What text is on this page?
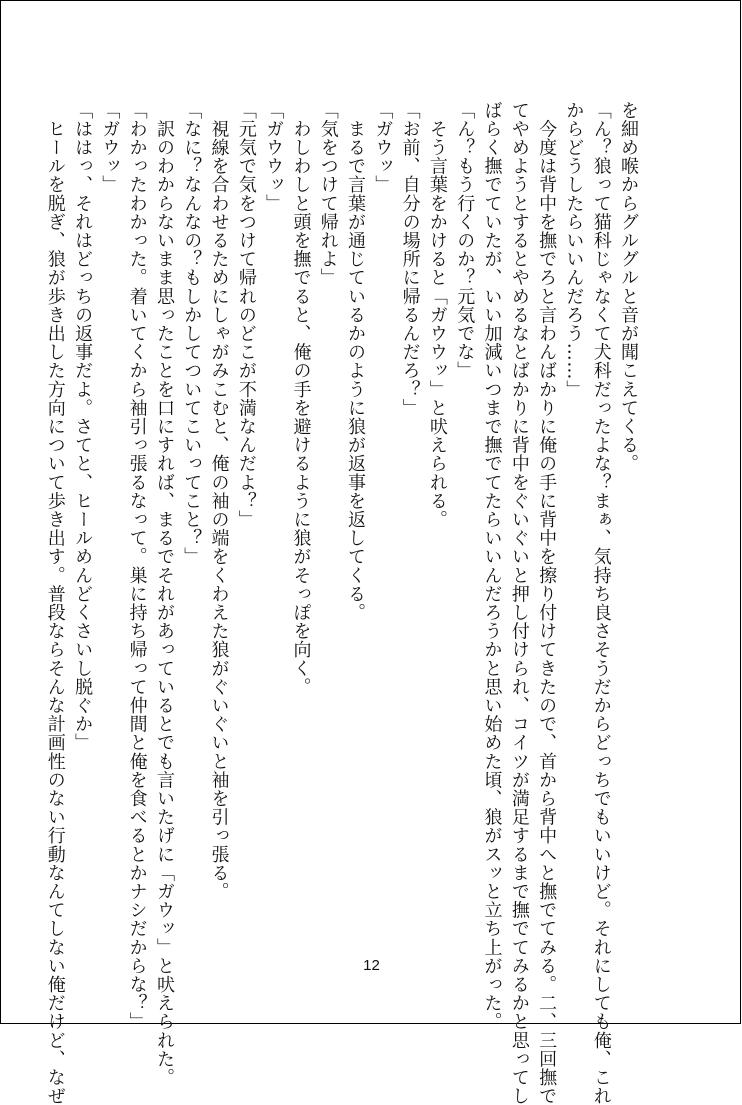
を細め喉からグルグルと音が聞こえてくる。

「ん？狼って猫科じゃなくて犬科だったよな？まぁ、気持ち良さそうだからどっちでもいいけど。それにしても俺、これ

からどうしたらいいんだろう……」

　今度は背中を撫でろと言わんばかりに俺の手に背中を擦り付けてきたので、首から背中へと撫でてみる。二、三回撫で

てやめようとするとやめるなとばかりに背中をぐいぐいと押し付けられ、コイツが満足するまで撫でてみるかと思ってし

ばらく撫でていたが、いい加減いつまで撫でてたらいいんだろうかと思い始めた頃、狼がスッと立ち上がった。

「ん？もう行くのか？元気でな」

　そう言葉をかけると「ガウウッ」と吠えられる。

「お前、自分の場所に帰るんだろ？」

「ガウッ」

　まるで言葉が通じているかのように狼が返事を返してくる。

「気をつけて帰れよ」

　わしわしと頭を撫でると、俺の手を避けるように狼がそっぽを向く。

「ガウウッ」

「元気で気をつけて帰れのどこが不満なんだよ？」

　視線を合わせるためにしゃがみこむと、俺の袖の端をくわえた狼がぐいぐいと袖を引っ張る。

「なに？なんなの？もしかしてついてこいってこと？」

　訳のわからないまま思ったことを口にすれば、まるでそれがあっているとでも言いたげに「ガウッ」と吠えられた。

「わかったわかった。着いてくから袖引っ張るなって。巣に持ち帰って仲間と俺を食べるとかナシだからな？」

「ガウッ」

「ははっ、それはどっちの返事だよ。さてと、ヒールめんどくさいし脱ぐか」

　ヒールを脱ぎ、狼が歩き出した方向について歩き出す。普段ならそんな計画性のない行動なんてしない俺だけど、なぜ	12
